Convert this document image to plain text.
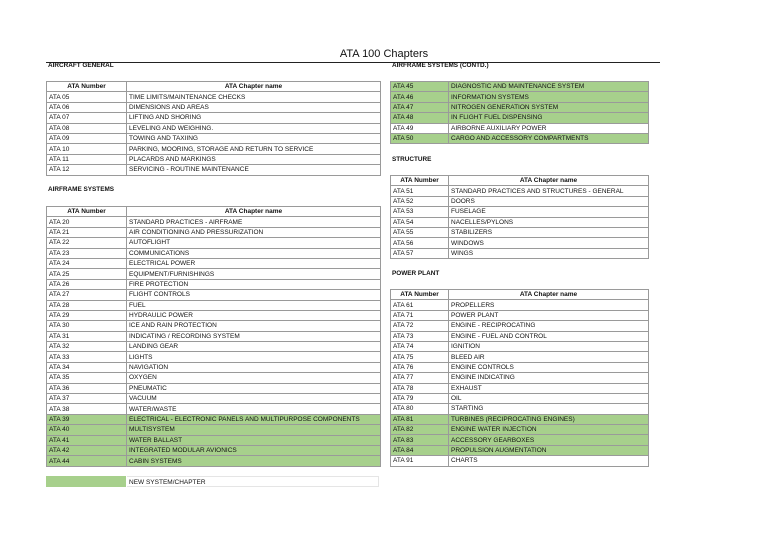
ATA 100 Chapters
AIRCRAFT GENERAL
ATA Number	ATA Chapter name
ATA 05	TIME LIMITS/MAINTENANCE CHECKS
ATA 06	DIMENSIONS AND AREAS
ATA 07	LIFTING AND SHORING
ATA 08	LEVELING AND WEIGHING.
ATA 09	TOWING AND TAXIING
ATA 10	PARKING, MOORING, STORAGE AND RETURN TO SERVICE
ATA 11	PLACARDS AND MARKINGS
ATA 12	SERVICING - ROUTINE MAINTENANCE
AIRFRAME SYSTEMS
ATA Number	ATA Chapter name
ATA 20	STANDARD PRACTICES - AIRFRAME
ATA 21	AIR CONDITIONING AND PRESSURIZATION
ATA 22	AUTOFLIGHT
ATA 23	COMMUNICATIONS
ATA 24	ELECTRICAL POWER
ATA 25	EQUIPMENT/FURNISHINGS
ATA 26	FIRE PROTECTION
ATA 27	FLIGHT CONTROLS
ATA 28	FUEL
ATA 29	HYDRAULIC POWER
ATA 30	ICE AND RAIN PROTECTION
ATA 31	INDICATING / RECORDING SYSTEM
ATA 32	LANDING GEAR
ATA 33	LIGHTS
ATA 34	NAVIGATION
ATA 35	OXYGEN
ATA 36	PNEUMATIC
ATA 37	VACUUM
ATA 38	WATER/WASTE
ATA 39	ELECTRICAL - ELECTRONIC PANELS AND MULTIPURPOSE COMPONENTS
ATA 40	MULTISYSTEM
ATA 41	WATER BALLAST
ATA 42	INTEGRATED MODULAR AVIONICS
ATA 44	CABIN SYSTEMS
AIRFRAME SYSTEMS (CONTD.)
ATA 45	DIAGNOSTIC AND MAINTENANCE SYSTEM
ATA 46	INFORMATION SYSTEMS
ATA 47	NITROGEN GENERATION SYSTEM
ATA 48	IN FLIGHT FUEL DISPENSING
ATA 49	AIRBORNE AUXILIARY POWER
ATA 50	CARGO AND ACCESSORY COMPARTMENTS
STRUCTURE
ATA Number	ATA Chapter name
ATA 51	STANDARD PRACTICES AND STRUCTURES - GENERAL
ATA 52	DOORS
ATA 53	FUSELAGE
ATA 54	NACELLES/PYLONS
ATA 55	STABILIZERS
ATA 56	WINDOWS
ATA 57	WINGS
POWER PLANT
ATA Number	ATA Chapter name
ATA 61	PROPELLERS
ATA 71	POWER PLANT
ATA 72	ENGINE - RECIPROCATING
ATA 73	ENGINE - FUEL AND CONTROL
ATA 74	IGNITION
ATA 75	BLEED AIR
ATA 76	ENGINE CONTROLS
ATA 77	ENGINE INDICATING
ATA 78	EXHAUST
ATA 79	OIL
ATA 80	STARTING
ATA 81	TURBINES (RECIPROCATING ENGINES)
ATA 82	ENGINE WATER INJECTION
ATA 83	ACCESSORY GEARBOXES
ATA 84	PROPULSION AUGMENTATION
ATA 91	CHARTS
NEW SYSTEM/CHAPTER
